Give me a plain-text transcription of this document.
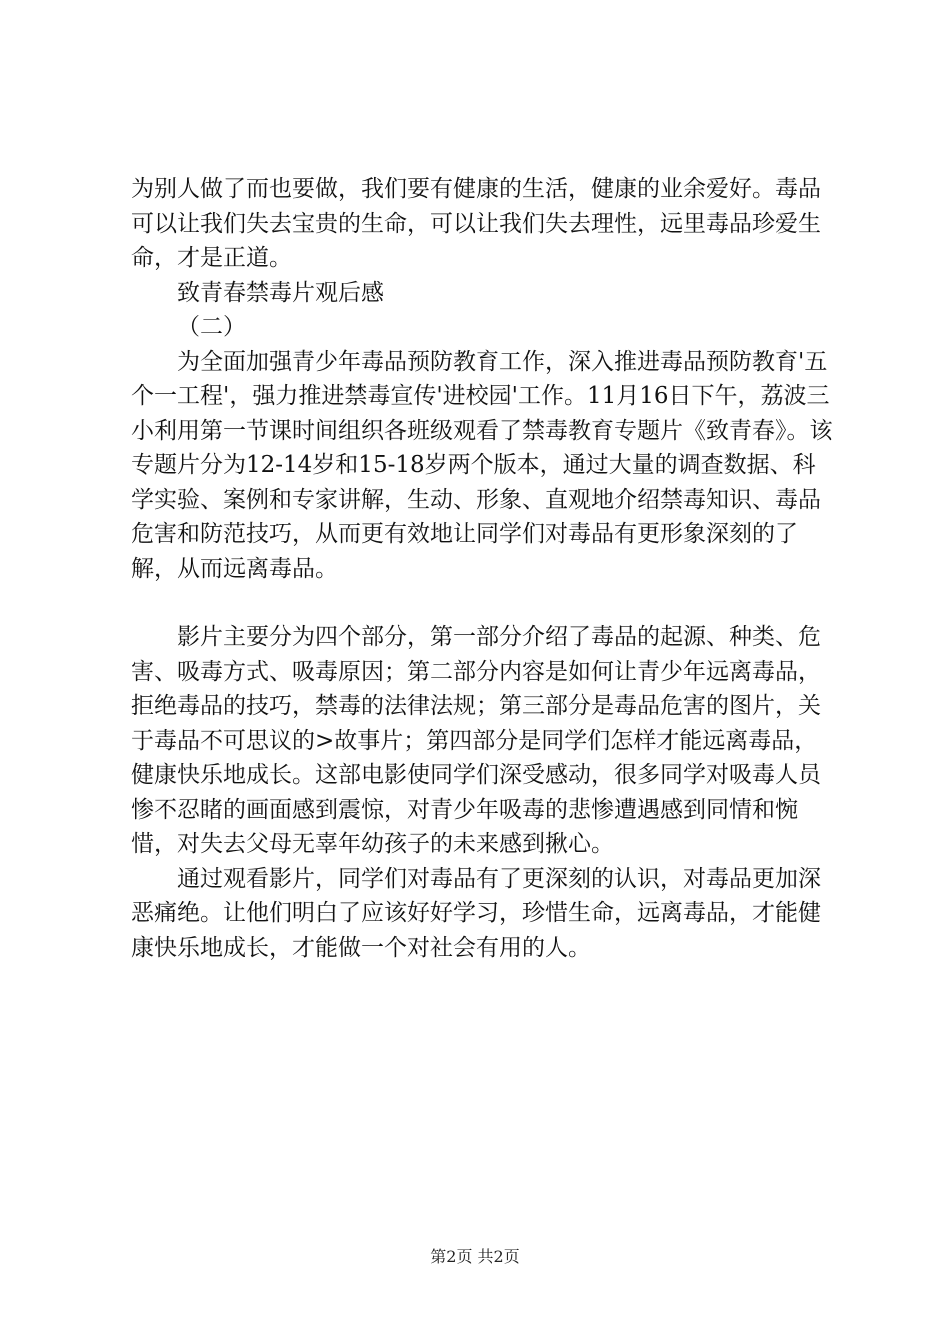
为别人做了而也要做，我们要有健康的生活，健康的业余爱好。毒品可以让我们失去宝贵的生命，可以让我们失去理性，远里毒品珍爱生命，才是正道。

致青春禁毒片观后感

（二）

为全面加强青少年毒品预防教育工作，深入推进毒品预防教育'五个一工程'，强力推进禁毒宣传'进校园'工作。11月16日下午，荔波三小利用第一节课时间组织各班级观看了禁毒教育专题片《致青春》。该专题片分为12-14岁和15-18岁两个版本，通过大量的调查数据、科学实验、案例和专家讲解，生动、形象、直观地介绍禁毒知识、毒品危害和防范技巧，从而更有效地让同学们对毒品有更形象深刻的了解，从而远离毒品。

影片主要分为四个部分，第一部分介绍了毒品的起源、种类、危害、吸毒方式、吸毒原因；第二部分内容是如何让青少年远离毒品，拒绝毒品的技巧，禁毒的法律法规；第三部分是毒品危害的图片，关于毒品不可思议的>故事片；第四部分是同学们怎样才能远离毒品，健康快乐地成长。这部电影使同学们深受感动，很多同学对吸毒人员惨不忍睹的画面感到震惊，对青少年吸毒的悲惨遭遇感到同情和惋惜，对失去父母无辜年幼孩子的未来感到揪心。

通过观看影片，同学们对毒品有了更深刻的认识，对毒品更加深恶痛绝。让他们明白了应该好好学习，珍惜生命，远离毒品，才能健康快乐地成长，才能做一个对社会有用的人。

第2页 共2页
